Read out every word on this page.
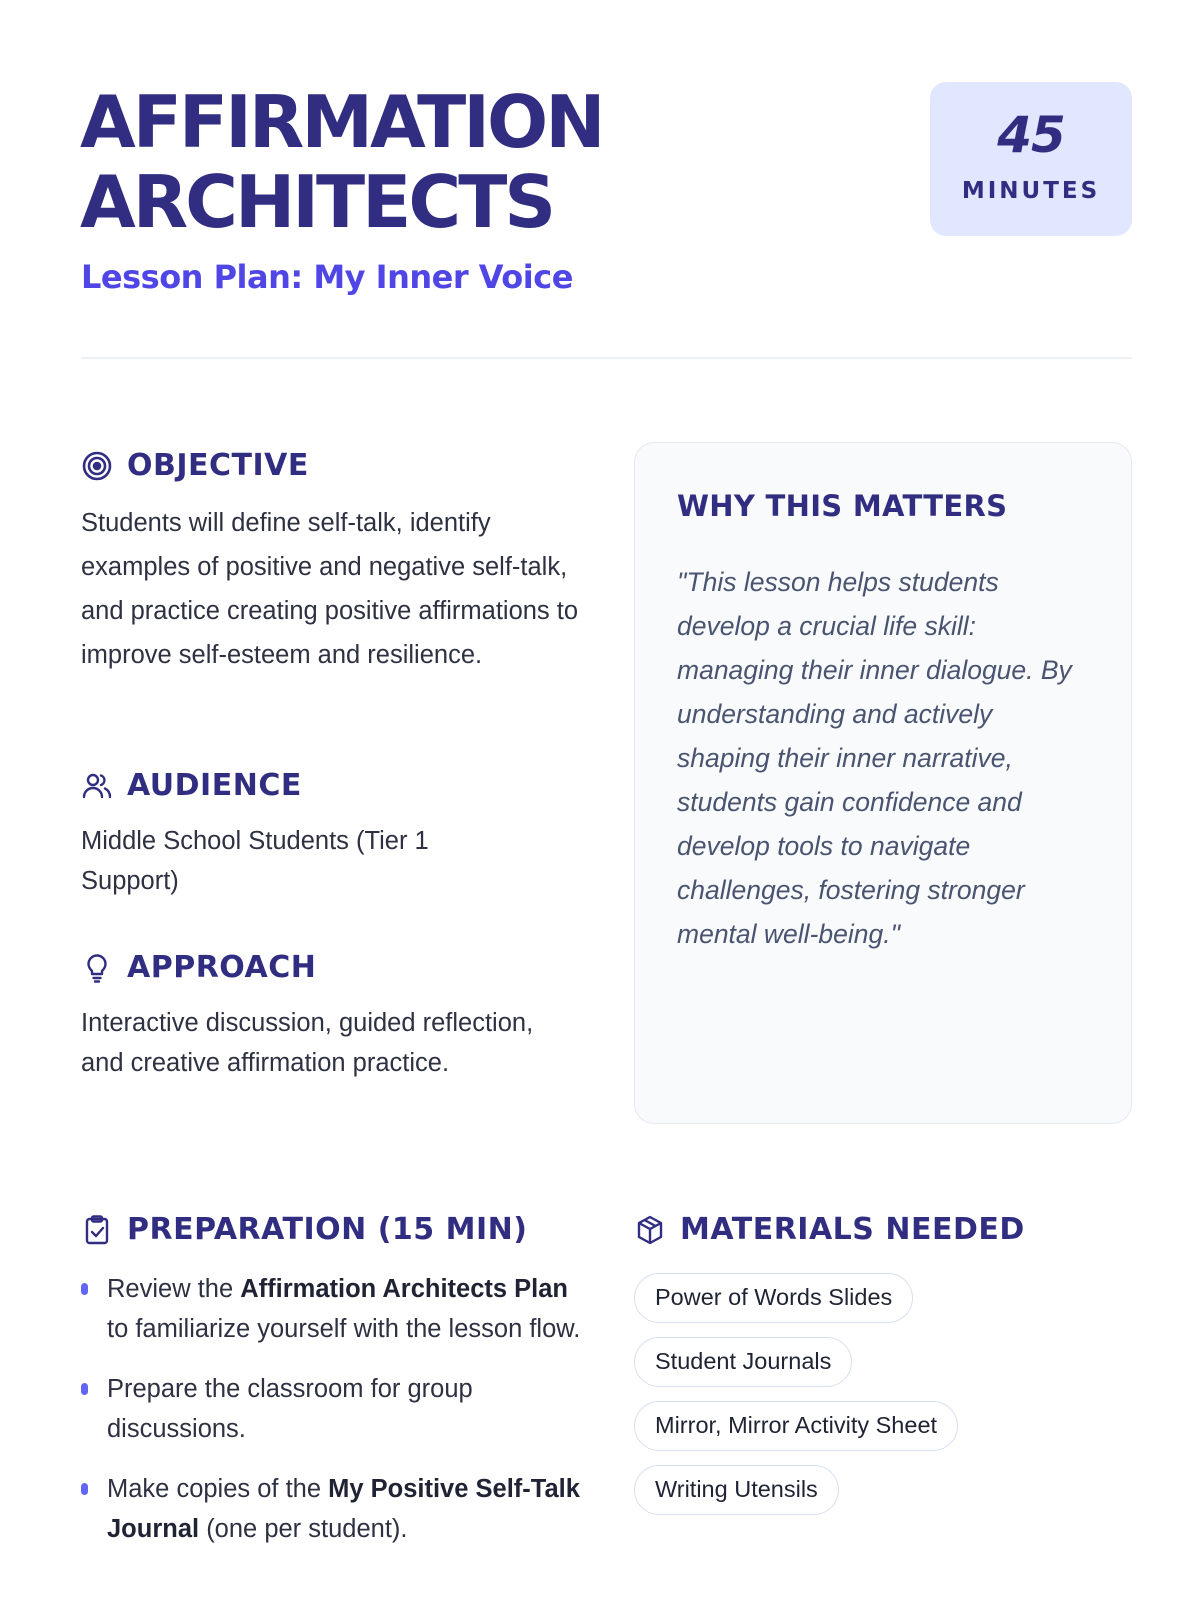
AFFIRMATION
ARCHITECTS
Lesson Plan: My Inner Voice
45
MINUTES
OBJECTIVE

Students will define self-talk, identify examples of positive and negative self-talk, and practice creating positive affirmations to improve self-esteem and resilience.

AUDIENCE

Middle School Students (Tier 1 Support)

APPROACH

Interactive discussion, guided reflection, and creative affirmation practice.

WHY THIS MATTERS

"This lesson helps students develop a crucial life skill: managing their inner dialogue. By understanding and actively shaping their inner narrative, students gain confidence and develop tools to navigate challenges, fostering stronger mental well-being."

PREPARATION (15 MIN)
Review the Affirmation Architects Plan to familiarize yourself with the lesson flow.
Prepare the classroom for group discussions.
Make copies of the My Positive Self-Talk Journal (one per student).
MATERIALS NEEDED
Power of Words Slides
Student Journals
Mirror, Mirror Activity Sheet
Writing Utensils
